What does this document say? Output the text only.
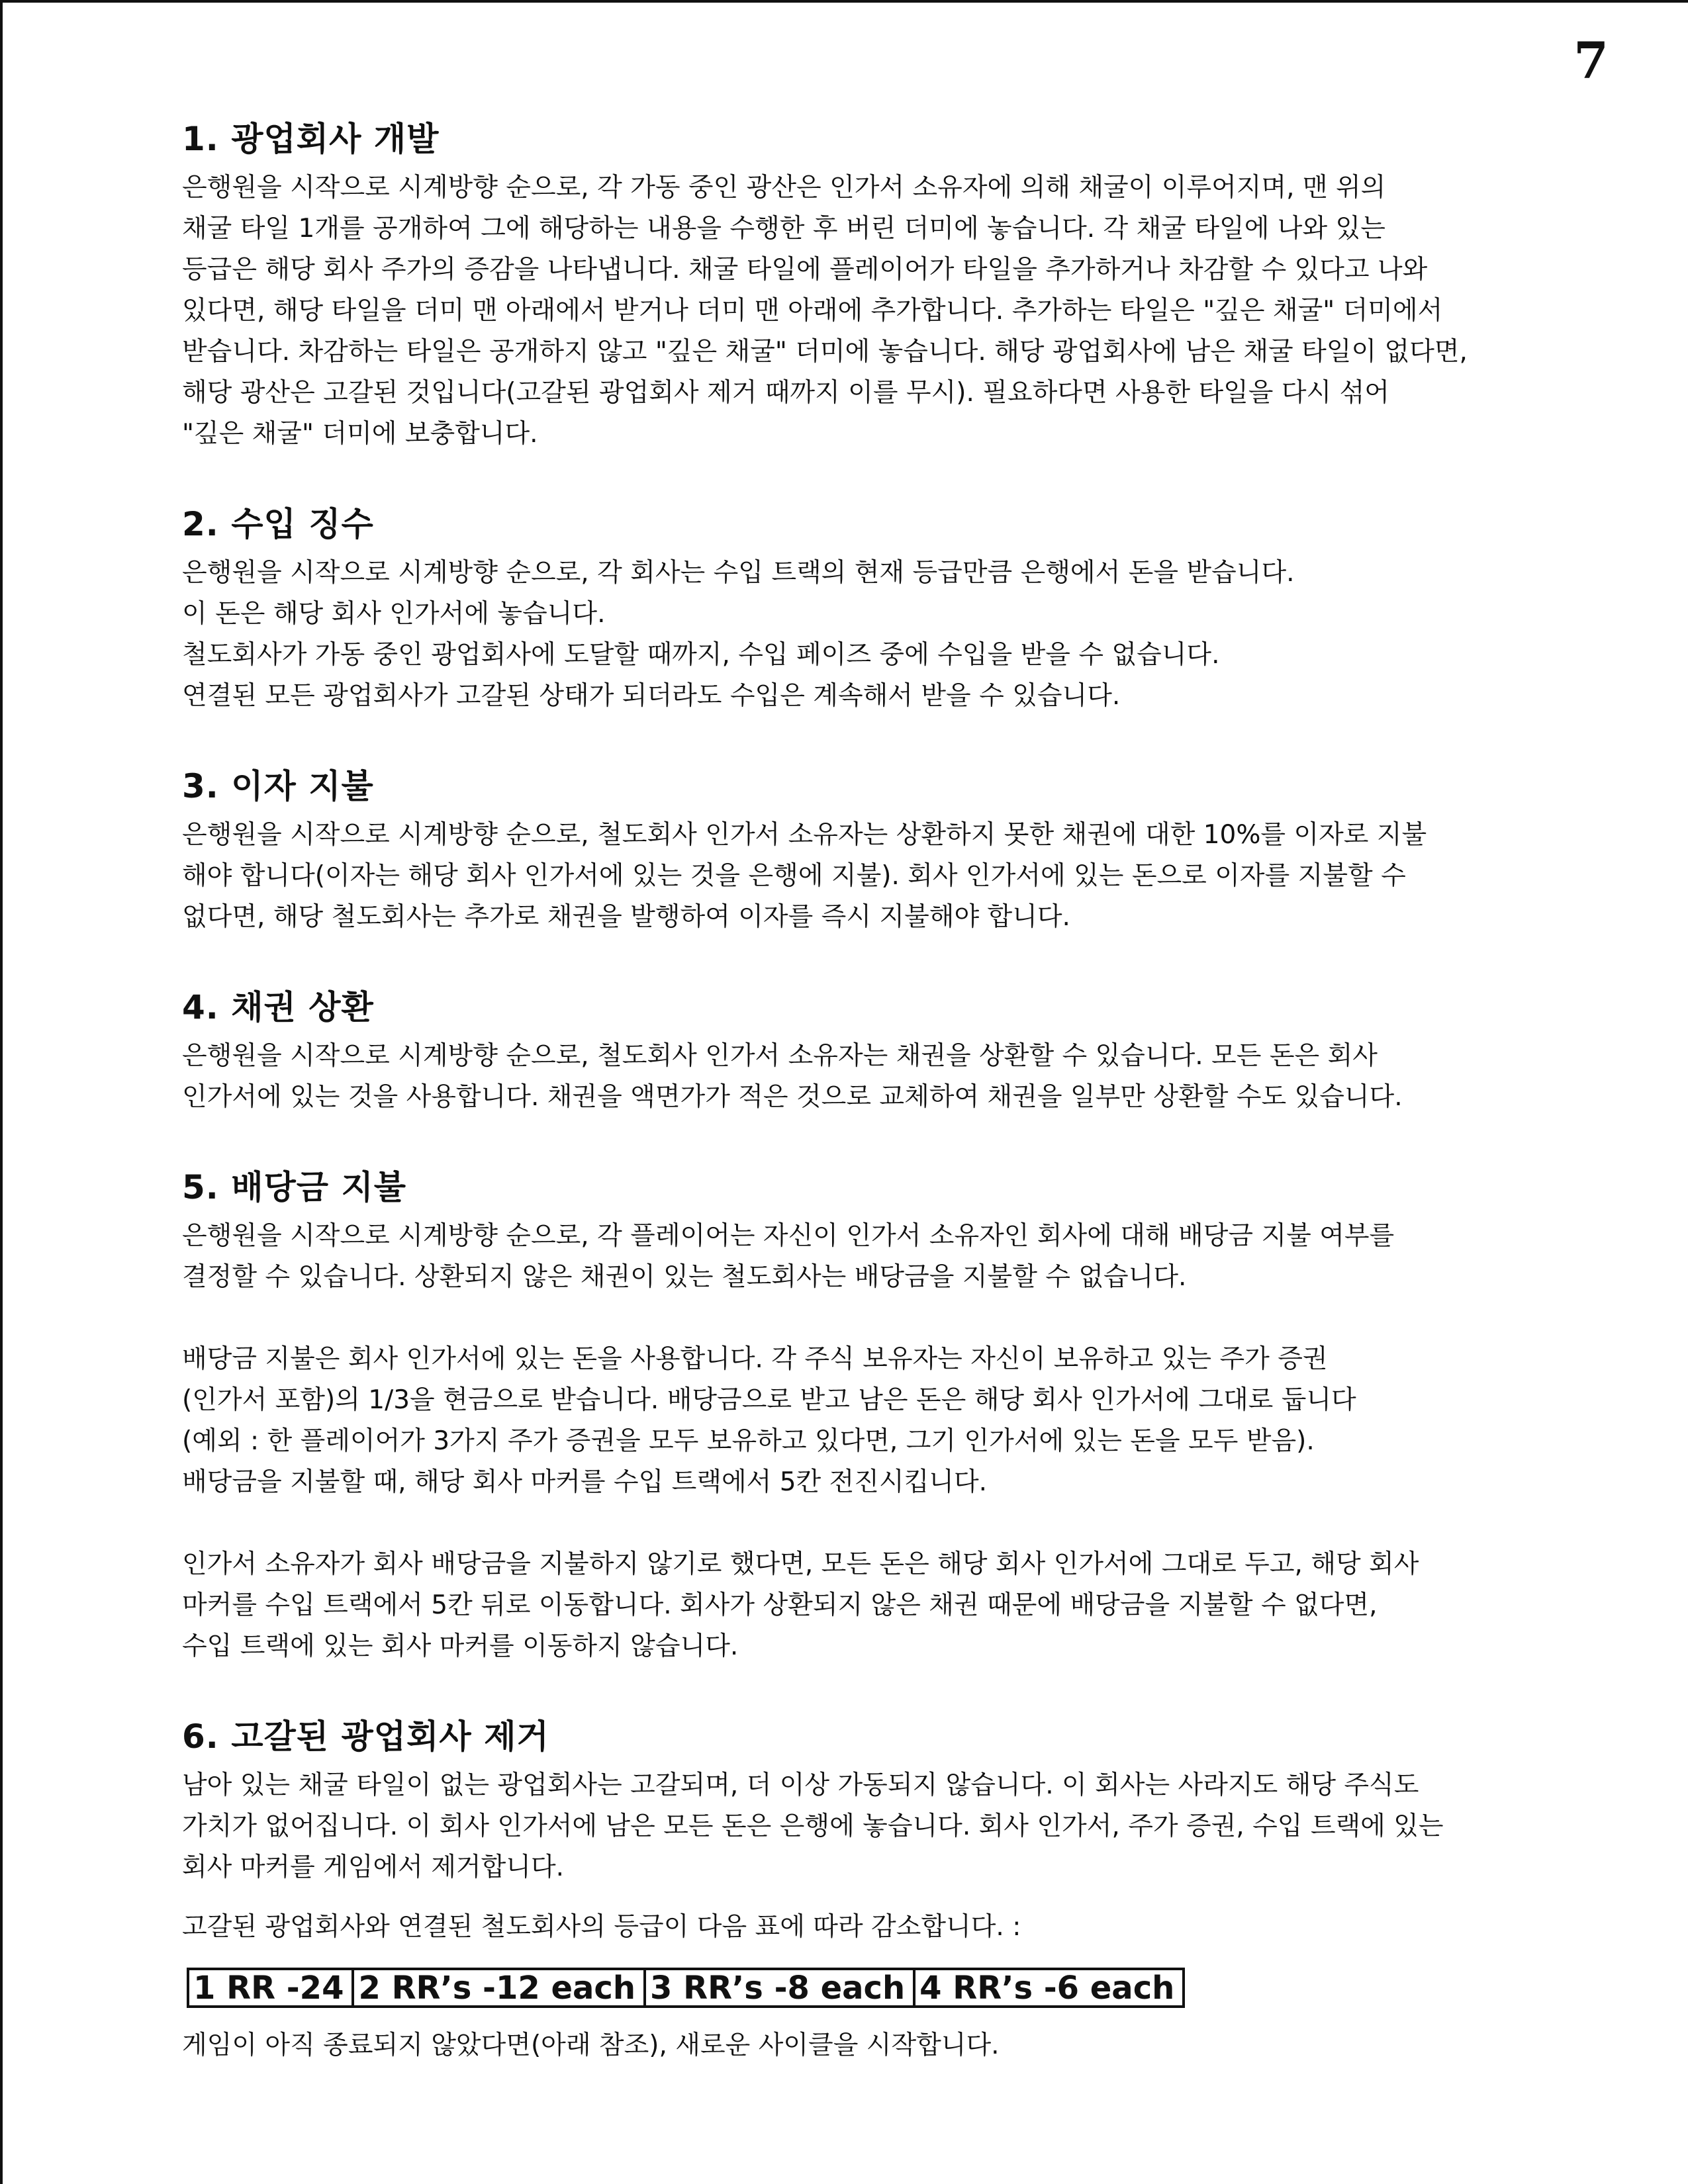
7
1. 광업회사 개발

은행원을 시작으로 시계방향 순으로, 각 가동 중인 광산은 인가서 소유자에 의해 채굴이 이루어지며, 맨 위의

채굴 타일 1개를 공개하여 그에 해당하는 내용을 수행한 후 버린 더미에 놓습니다. 각 채굴 타일에 나와 있는

등급은 해당 회사 주가의 증감을 나타냅니다. 채굴 타일에 플레이어가 타일을 추가하거나 차감할 수 있다고 나와

있다면, 해당 타일을 더미 맨 아래에서 받거나 더미 맨 아래에 추가합니다. 추가하는 타일은 "깊은 채굴" 더미에서

받습니다. 차감하는 타일은 공개하지 않고 "깊은 채굴" 더미에 놓습니다. 해당 광업회사에 남은 채굴 타일이 없다면,

해당 광산은 고갈된 것입니다(고갈된 광업회사 제거 때까지 이를 무시). 필요하다면 사용한 타일을 다시 섞어

"깊은 채굴" 더미에 보충합니다.

2. 수입 징수

은행원을 시작으로 시계방향 순으로, 각 회사는 수입 트랙의 현재 등급만큼 은행에서 돈을 받습니다.

이 돈은 해당 회사 인가서에 놓습니다.

철도회사가 가동 중인 광업회사에 도달할 때까지, 수입 페이즈 중에 수입을 받을 수 없습니다.

연결된 모든 광업회사가 고갈된 상태가 되더라도 수입은 계속해서 받을 수 있습니다.

3. 이자 지불

은행원을 시작으로 시계방향 순으로, 철도회사 인가서 소유자는 상환하지 못한 채권에 대한 10%를 이자로 지불

해야 합니다(이자는 해당 회사 인가서에 있는 것을 은행에 지불). 회사 인가서에 있는 돈으로 이자를 지불할 수

없다면, 해당 철도회사는 추가로 채권을 발행하여 이자를 즉시 지불해야 합니다.

4. 채권 상환

은행원을 시작으로 시계방향 순으로, 철도회사 인가서 소유자는 채권을 상환할 수 있습니다. 모든 돈은 회사

인가서에 있는 것을 사용합니다. 채권을 액면가가 적은 것으로 교체하여 채권을 일부만 상환할 수도 있습니다.

5. 배당금 지불

은행원을 시작으로 시계방향 순으로, 각 플레이어는 자신이 인가서 소유자인 회사에 대해 배당금 지불 여부를

결정할 수 있습니다. 상환되지 않은 채권이 있는 철도회사는 배당금을 지불할 수 없습니다.

배당금 지불은 회사 인가서에 있는 돈을 사용합니다. 각 주식 보유자는 자신이 보유하고 있는 주가 증권

(인가서 포함)의 1/3을 현금으로 받습니다. 배당금으로 받고 남은 돈은 해당 회사 인가서에 그대로 둡니다

(예외 : 한 플레이어가 3가지 주가 증권을 모두 보유하고 있다면, 그기 인가서에 있는 돈을 모두 받음).

배당금을 지불할 때, 해당 회사 마커를 수입 트랙에서 5칸 전진시킵니다.

인가서 소유자가 회사 배당금을 지불하지 않기로 했다면, 모든 돈은 해당 회사 인가서에 그대로 두고, 해당 회사

마커를 수입 트랙에서 5칸 뒤로 이동합니다. 회사가 상환되지 않은 채권 때문에 배당금을 지불할 수 없다면,

수입 트랙에 있는 회사 마커를 이동하지 않습니다.

6. 고갈된 광업회사 제거

남아 있는 채굴 타일이 없는 광업회사는 고갈되며, 더 이상 가동되지 않습니다. 이 회사는 사라지도 해당 주식도

가치가 없어집니다. 이 회사 인가서에 남은 모든 돈은 은행에 놓습니다. 회사 인가서, 주가 증권, 수입 트랙에 있는

회사 마커를 게임에서 제거합니다.

고갈된 광업회사와 연결된 철도회사의 등급이 다음 표에 따라 감소합니다. :

1 RR -24	2 RR’s -12 each	3 RR’s -8 each	4 RR’s -6 each

게임이 아직 종료되지 않았다면(아래 참조), 새로운 사이클을 시작합니다.
